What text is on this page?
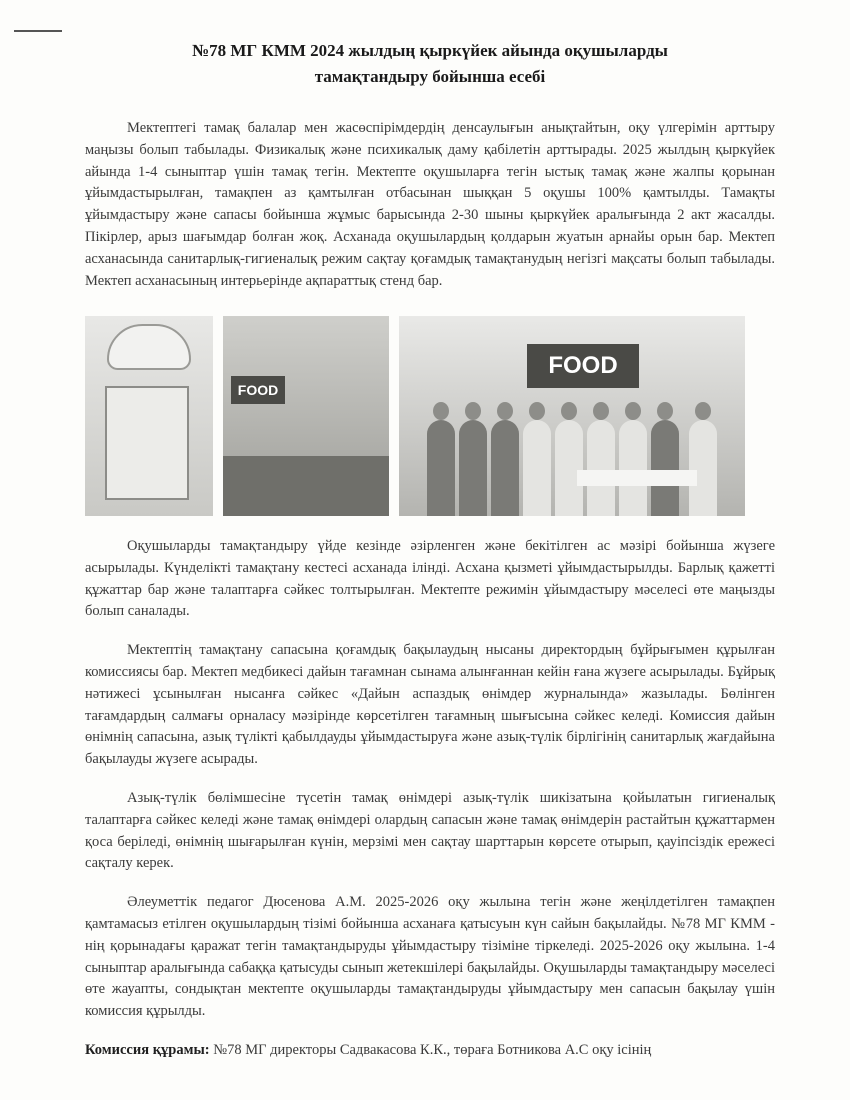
№78 МГ КММ 2024 жылдың қыркүйек айында оқушыларды
тамақтандыру бойынша есебі

Мектептегі тамақ балалар мен жасөспірімдердің денсаулығын анықтайтын, оқу үлгерімін арттыру маңызы болып табылады. Физикалық және психикалық даму қабілетін арттырады. 2025 жылдың қыркүйек айында 1-4 сыныптар үшін тамақ тегін. Мектепте оқушыларға тегін ыстық тамақ және жалпы қорынан ұйымдастырылған, тамақпен аз қамтылған отбасынан шыққан 5 оқушы 100% қамтылды. Тамақты ұйымдастыру және сапасы бойынша жұмыс барысында 2-30 шыны қыркүйек аралығында 2 акт жасалды. Пікірлер, арыз шағымдар болған жоқ. Асханада оқушылардың қолдарын жуатын арнайы орын бар. Мектеп асханасында санитарлық-гигиеналық режим сақтау қоғамдық тамақтанудың негізгі мақсаты болып табылады. Мектеп асханасының интерьерінде ақпараттық стенд бар.

FOOD
FOOD

Оқушыларды тамақтандыру үйде кезінде әзірленген және бекітілген ас мәзірі бойынша жүзеге асырылады. Күнделікті тамақтану кестесі асханада ілінді. Асхана қызметі ұйымдастырылды. Барлық қажетті құжаттар бар және талаптарға сәйкес толтырылған. Мектепте режимін ұйымдастыру мәселесі өте маңызды болып саналады.

Мектептің тамақтану сапасына қоғамдық бақылаудың нысаны директордың бұйрығымен құрылған комиссиясы бар. Мектеп медбикесі дайын тағамнан сынама алынғаннан кейін ғана жүзеге асырылады. Бұйрық нәтижесі ұсынылған нысанға сәйкес «Дайын аспаздық өнімдер журналында» жазылады. Бөлінген тағамдардың салмағы орналасу мәзірінде көрсетілген тағамның шығысына сәйкес келеді. Комиссия дайын өнімнің сапасына, азық түлікті қабылдауды ұйымдастыруға және азық-түлік бірлігінің санитарлық жағдайына бақылауды жүзеге асырады.

Азық-түлік бөлімшесіне түсетін тамақ өнімдері азық-түлік шикізатына қойылатын гигиеналық талаптарға сәйкес келеді және тамақ өнімдері олардың сапасын және тамақ өнімдерін растайтын құжаттармен қоса беріледі, өнімнің шығарылған күнін, мерзімі мен сақтау шарттарын көрсете отырып, қауіпсіздік ережесі сақталу керек.

Әлеуметтік педагог Дюсенова А.М. 2025-2026 оқу жылына тегін және жеңілдетілген тамақпен қамтамасыз етілген оқушылардың тізімі бойынша асханаға қатысуын күн сайын бақылайды. №78 МГ КММ - нің қорынадағы қаражат тегін тамақтандыруды ұйымдастыру тізіміне тіркеледі. 2025-2026 оқу жылына. 1-4 сыныптар аралығында сабаққа қатысуды сынып жетекшілері бақылайды. Оқушыларды тамақтандыру мәселесі өте жауапты, сондықтан мектепте оқушыларды тамақтандыруды ұйымдастыру мен сапасын бақылау үшін комиссия құрылды.

Комиссия құрамы: №78 МГ директоры Садвакасова К.К., төраға Ботникова А.С оқу ісінің
